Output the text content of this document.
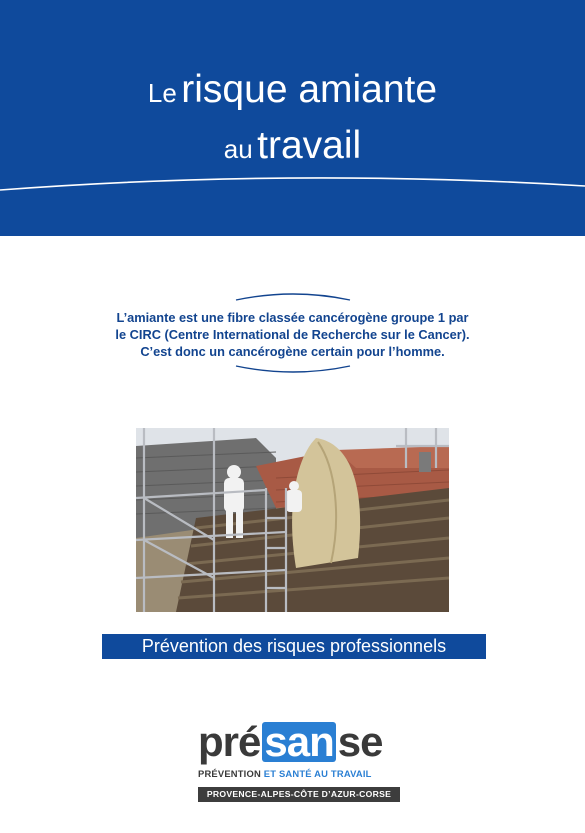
Le risque amiante
au travail
L’amiante est une fibre classée cancérogène groupe 1 par
le CIRC (Centre International de Recherche sur le Cancer).
C’est donc un cancérogène certain pour l’homme.
Prévention des risques professionnels
présanse
PRÉVENTION ET SANTÉ AU TRAVAIL
PROVENCE-ALPES-CÔTE D’AZUR-CORSE
